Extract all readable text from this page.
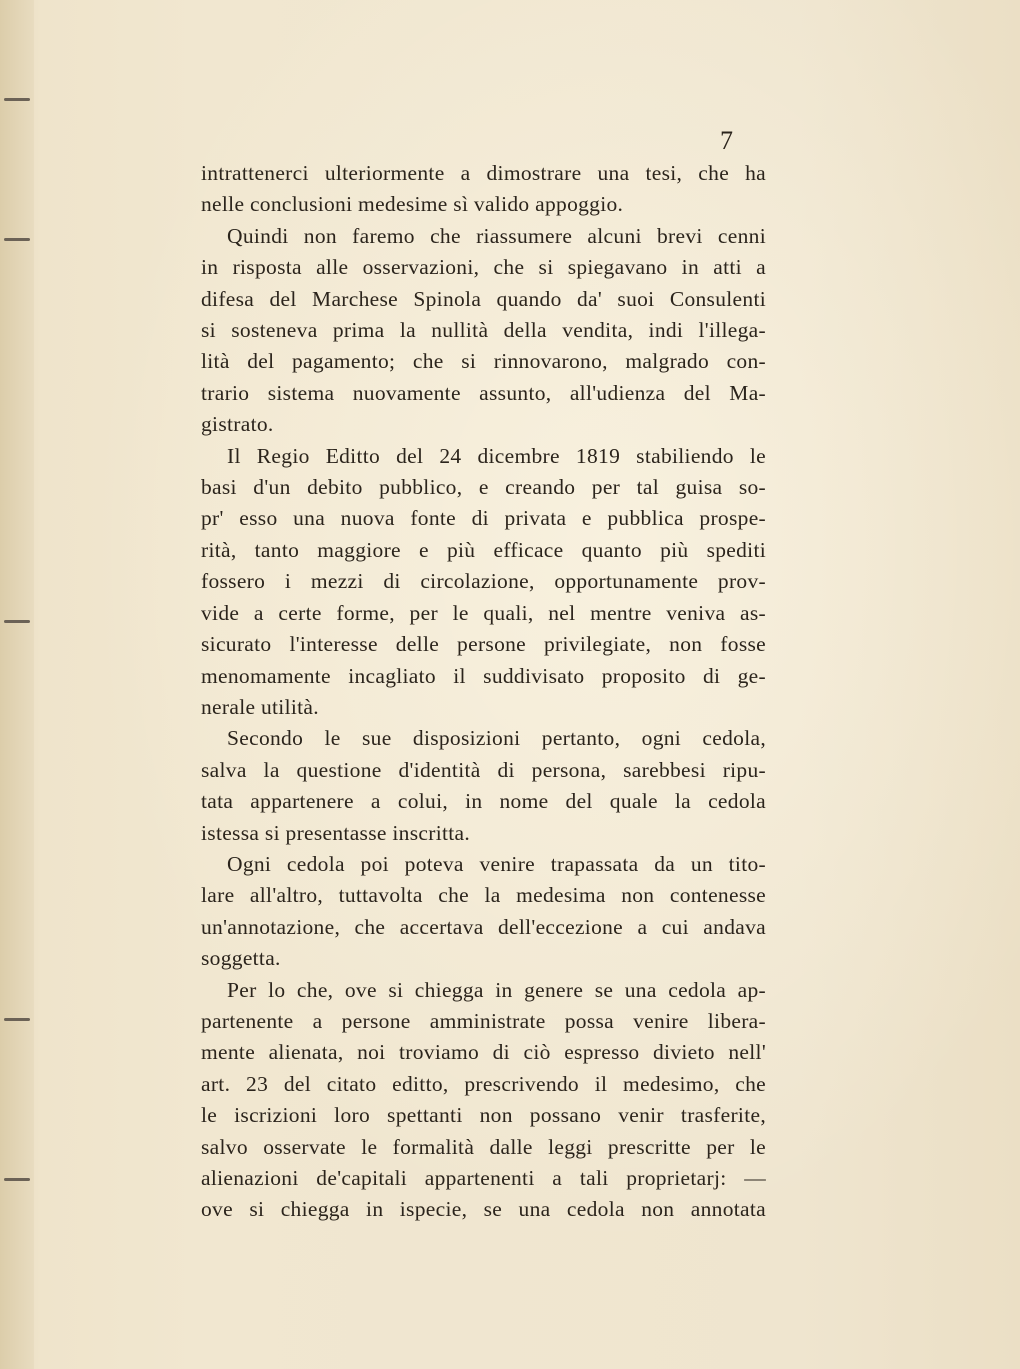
7
intrattenerci ulteriormente a dimostrare una tesi, che ha
nelle conclusioni medesime sì valido appoggio.
Quindi non faremo che riassumere alcuni brevi cenni
in risposta alle osservazioni, che si spiegavano in atti a
difesa del Marchese Spinola quando da' suoi Consulenti
si sosteneva prima la nullità della vendita, indi l'illega-
lità del pagamento; che si rinnovarono, malgrado con-
trario sistema nuovamente assunto, all'udienza del Ma-
gistrato.
Il Regio Editto del 24 dicembre 1819 stabiliendo le
basi d'un debito pubblico, e creando per tal guisa so-
pr' esso una nuova fonte di privata e pubblica prospe-
rità, tanto maggiore e più efficace quanto più spediti
fossero i mezzi di circolazione, opportunamente prov-
vide a certe forme, per le quali, nel mentre veniva as-
sicurato l'interesse delle persone privilegiate, non fosse
menomamente incagliato il suddivisato proposito di ge-
nerale utilità.
Secondo le sue disposizioni pertanto, ogni cedola,
salva la questione d'identità di persona, sarebbesi ripu-
tata appartenere a colui, in nome del quale la cedola
istessa si presentasse inscritta.
Ogni cedola poi poteva venire trapassata da un tito-
lare all'altro, tuttavolta che la medesima non contenesse
un'annotazione, che accertava dell'eccezione a cui andava
soggetta.
Per lo che, ove si chiegga in genere se una cedola ap-
partenente a persone amministrate possa venire libera-
mente alienata, noi troviamo di ciò espresso divieto nell'
art. 23 del citato editto, prescrivendo il medesimo, che
le iscrizioni loro spettanti non possano venir trasferite,
salvo osservate le formalità dalle leggi prescritte per le
alienazioni de'capitali appartenenti a tali proprietarj: —
ove si chiegga in ispecie, se una cedola non annotata
